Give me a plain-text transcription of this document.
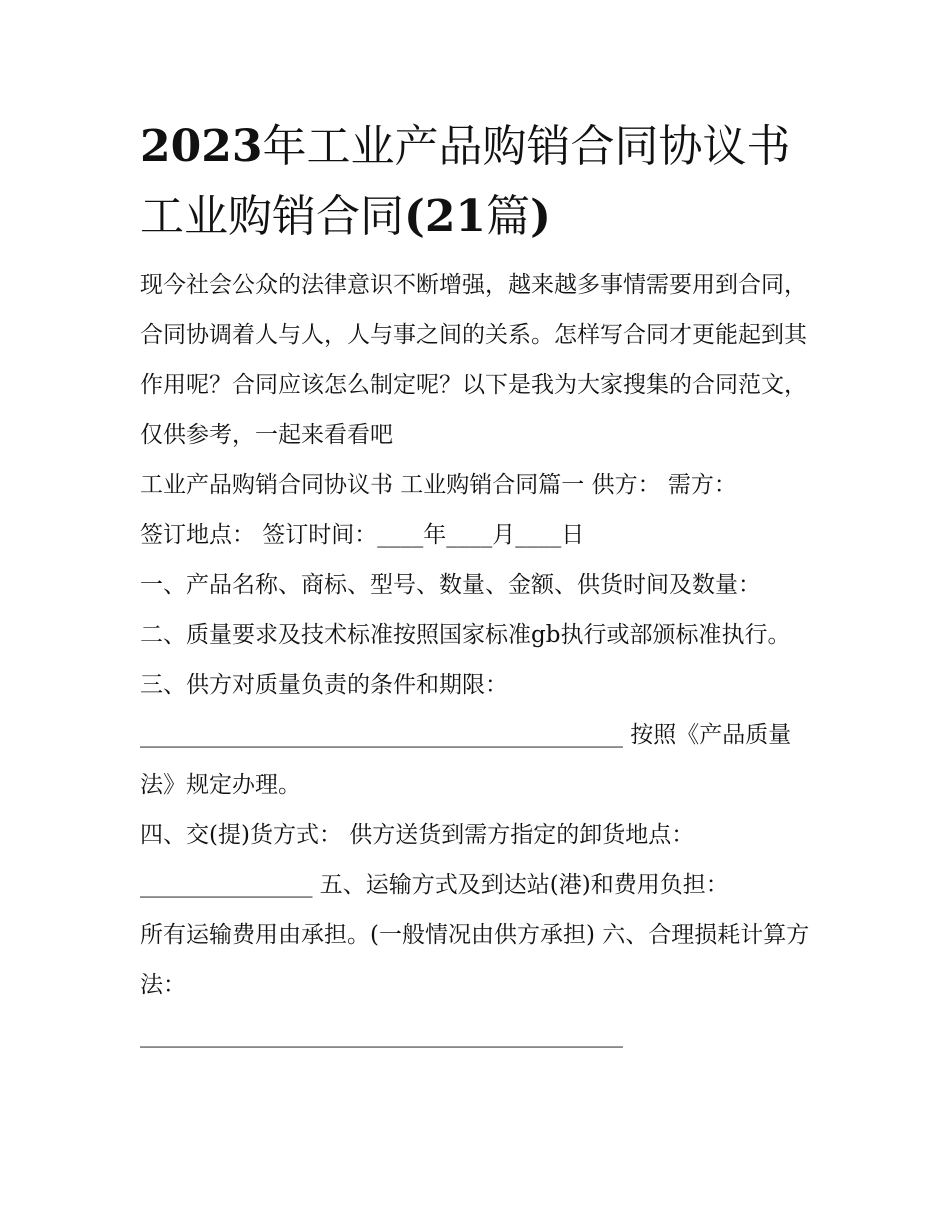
2023年工业产品购销合同协议书 工业购销合同(21篇)

现今社会公众的法律意识不断增强，越来越多事情需要用到合同，合同协调着人与人，人与事之间的关系。怎样写合同才更能起到其作用呢？合同应该怎么制定呢？以下是我为大家搜集的合同范文，仅供参考，一起来看看吧

工业产品购销合同协议书 工业购销合同篇一 供方： 需方：

签订地点： 签订时间：____年____月____日

一、产品名称、商标、型号、数量、金额、供货时间及数量：

二、质量要求及技术标准按照国家标准gb执行或部颁标准执行。 三、供方对质量负责的条件和期限：

__________________________________________ 按照《产品质量法》规定办理。

四、交(提)货方式： 供方送货到需方指定的卸货地点：

_______________ 五、运输方式及到达站(港)和费用负担：

所有运输费用由承担。(一般情况由供方承担) 六、合理损耗计算方法：

__________________________________________
